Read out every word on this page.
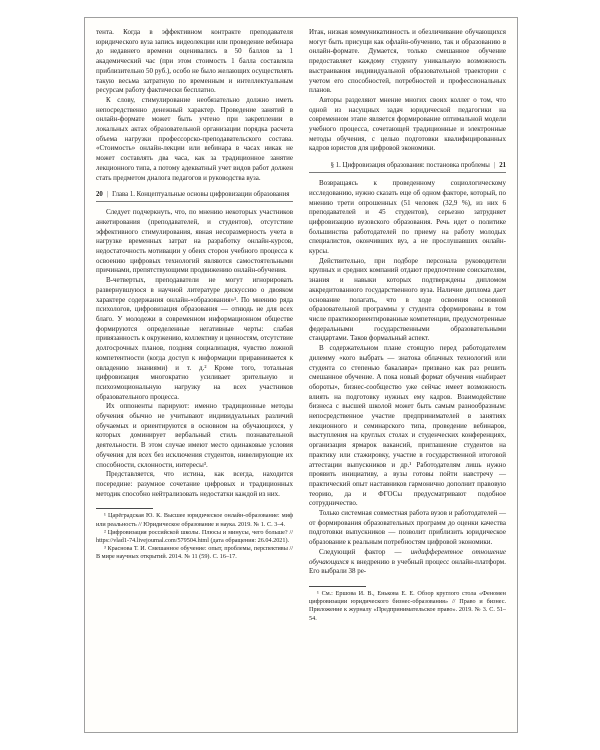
тента. Когда в эффективном контракте преподавателя юридического вуза запись видеолекции или проведение вебинара до недавнего времени оценивались в 50 баллов за 1 академический час (при этом стоимость 1 балла составляла приблизительно 50 руб.), особо не было желающих осуществлять такую весьма затратную по временным и интеллектуальным ресурсам работу фактически бесплатно.

К слову, стимулирование необязательно должно иметь непосредственно денежный характер. Проведение занятий в онлайн-формате может быть учтено при закреплении в локальных актах образовательной организации порядка расчета объема нагрузки профессорско-преподавательского состава. «Стоимость» онлайн-лекции или вебинара в часах никак не может составлять два часа, как за традиционное занятие лекционного типа, а потому адекватный учет видов работ должен стать предметом диалога педагогов и руководства вуза.

20 | Глава 1. Концептуальные основы цифровизации образования

Следует подчеркнуть, что, по мнению некоторых участников анкетирования (преподавателей, и студентов), отсутствие эффективного стимулирования, явная несоразмерность учета в нагрузке временных затрат на разработку онлайн-курсов, недостаточность мотивации у обеих сторон учебного процесса к освоению цифровых технологий являются самостоятельными причинами, препятствующими продвижению онлайн-обучения.

В-четвертых, преподаватели не могут игнорировать развернувшуюся в научной литературе дискуссию о двояком характере содержания онлайн-«образования»¹. По мнению ряда психологов, цифровизация образования — отнюдь не для всех благо. У молодежи в современном информационном обществе формируются определенные негативные черты: слабая привязанность к окружению, коллективу и ценностям, отсутствие долгосрочных планов, поздняя социализация, чувство ложной компетентности (когда доступ к информации приравнивается к овладению знаниями) и т. д.² Кроме того, тотальная цифровизация многократно усиливает зрительную и психоэмоциональную нагрузку на всех участников образовательного процесса.

Их оппоненты парируют: именно традиционные методы обучения обычно не учитывают индивидуальных различий обучаемых и ориентируются в основном на обучающихся, у которых доминирует вербальный стиль познавательной деятельности. В этом случае имеют место одинаковые условия обучения для всех без исключения студентов, нивелирующие их способности, склонности, интересы³.

Представляется, что истина, как всегда, находится посередине: разумное сочетание цифровых и традиционных методик способно нейтрализовать недостатки каждой из них.

¹ Царёградская Ю. К. Высшее юридическое онлайн-образование: миф или реальность // Юридическое образование и наука. 2019. № 1. С. 3–4.

² Цифровизация российской школы. Плюсы и минусы, чего больше? // https://vlad1-74.livejournal.com/579504.html (дата обращения: 26.04.2021).

³ Краснова Т. И. Смешанное обучение: опыт, проблемы, перспективы // В мире научных открытий. 2014. № 11 (59). С. 16–17.

Итак, низкая коммуникативность и обезличивание обучающихся могут быть присущи как офлайн-обучению, так и образованию в онлайн-формате. Думается, только смешанное обучение предоставляет каждому студенту уникальную возможность выстраивания индивидуальной образовательной траектории с учетом его способностей, потребностей и профессиональных планов.

Авторы разделяют мнение многих своих коллег о том, что одной из насущных задач юридической педагогики на современном этапе является формирование оптимальной модели учебного процесса, сочетающей традиционные и электронные методы обучения, с целью подготовки квалифицированных кадров юристов для цифровой экономики.

§ 1. Цифровизация образования: постановка проблемы | 21

Возвращаясь к проведенному социологическому исследованию, нужно сказать еще об одном факторе, который, по мнению трети опрошенных (51 человек (32,9 %), из них 6 преподавателей и 45 студентов), серьезно затрудняет цифровизацию вузовского образования. Речь идет о политике большинства работодателей по приему на работу молодых специалистов, окончивших вуз, а не прослушавших онлайн-курсы.

Действительно, при подборе персонала руководители крупных и средних компаний отдают предпочтение соискателям, знания и навыки которых подтверждены дипломом аккредитованного государственного вуза. Наличие диплома дает основание полагать, что в ходе освоения основной образовательной программы у студента сформированы в том числе практикоориентированные компетенции, предусмотренные федеральными государственными образовательными стандартами. Таков формальный аспект.

В содержательном плане стоящую перед работодателем дилемму «кого выбрать — знатока облачных технологий или студента со степенью бакалавра» призвано как раз решить смешанное обучение. А пока новый формат обучения «набирает обороты», бизнес-сообщество уже сейчас имеет возможность влиять на подготовку нужных ему кадров. Взаимодействие бизнеса с высшей школой может быть самым разнообразным: непосредственное участие предпринимателей в занятиях лекционного и семинарского типа, проведение вебинаров, выступления на круглых столах и студенческих конференциях, организация ярмарок вакансий, приглашение студентов на практику или стажировку, участие в государственной итоговой аттестации выпускников и др.¹ Работодателям лишь нужно проявить инициативу, а вузы готовы пойти навстречу — практический опыт наставников гармонично дополнит правовую теорию, да и ФГОСы предусматривают подобное сотрудничество.

Только системная совместная работа вузов и работодателей — от формирования образовательных программ до оценки качества подготовки выпускников — позволит приблизить юридическое образование к реальным потребностям цифровой экономики.

Следующий фактор — индифферентное отношение обучающихся к внедрению в учебный процесс онлайн-платформ. Его выбрали 38 ре-

¹ См.: Ершова И. В., Енькова Е. Е. Обзор круглого стола «Феномен цифровизации юридического бизнес-образования» // Право и бизнес. Приложение к журналу «Предпринимательское право». 2019. № 3. С. 51–54.
